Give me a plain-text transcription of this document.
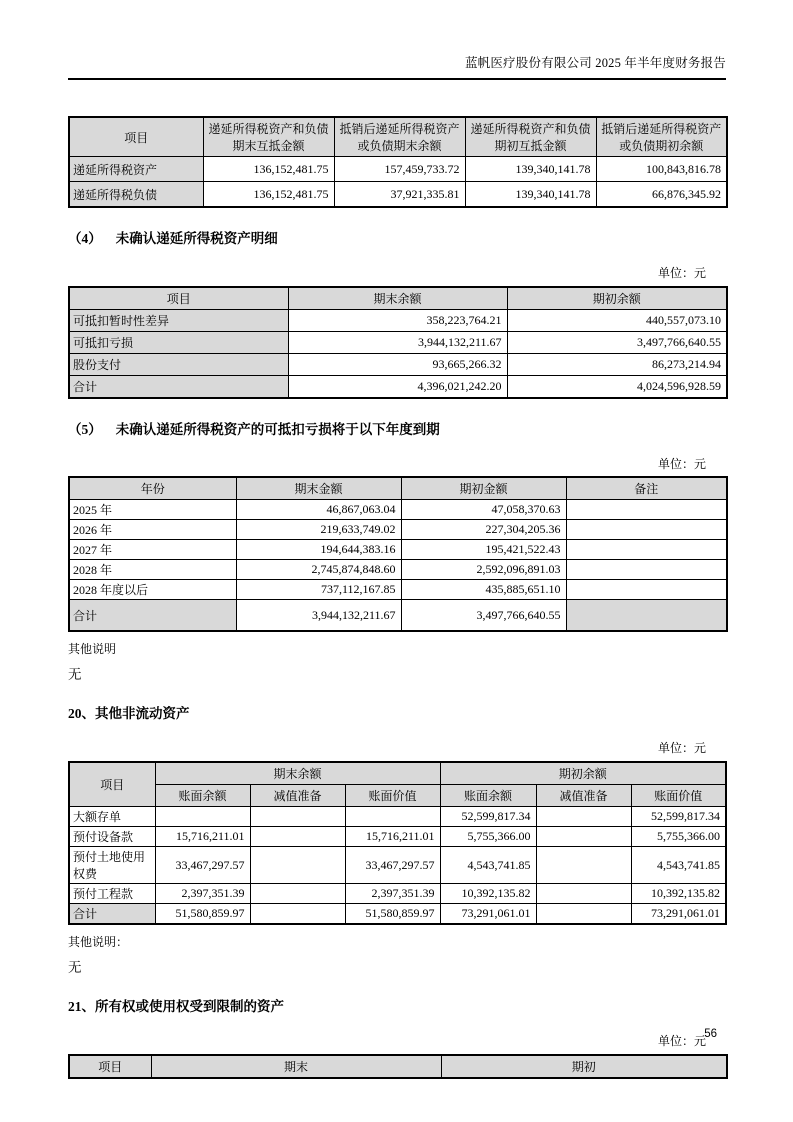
蓝帆医疗股份有限公司 2025 年半年度财务报告
项目	递延所得税资产和负债期末互抵金额	抵销后递延所得税资产或负债期末余额	递延所得税资产和负债期初互抵金额	抵销后递延所得税资产或负债期初余额
递延所得税资产	136,152,481.75	157,459,733.72	139,340,141.78	100,843,816.78
递延所得税负债	136,152,481.75	37,921,335.81	139,340,141.78	66,876,345.92
（4） 未确认递延所得税资产明细
单位：元
项目	期末余额	期初余额
可抵扣暂时性差异	358,223,764.21	440,557,073.10
可抵扣亏损	3,944,132,211.67	3,497,766,640.55
股份支付	93,665,266.32	86,273,214.94
合计	4,396,021,242.20	4,024,596,928.59
（5） 未确认递延所得税资产的可抵扣亏损将于以下年度到期
单位：元
年份	期末金额	期初金额	备注
2025 年	46,867,063.04	47,058,370.63	
2026 年	219,633,749.02	227,304,205.36	
2027 年	194,644,383.16	195,421,522.43	
2028 年	2,745,874,848.60	2,592,096,891.03	
2028 年度以后	737,112,167.85	435,885,651.10	
合计	3,944,132,211.67	3,497,766,640.55	
其他说明
无
20、其他非流动资产
单位：元
项目	期末余额			期初余额		
	账面余额	减值准备	账面价值	账面余额	减值准备	账面价值
大额存单				52,599,817.34		52,599,817.34
预付设备款	15,716,211.01		15,716,211.01	5,755,366.00		5,755,366.00
预付土地使用权费	33,467,297.57		33,467,297.57	4,543,741.85		4,543,741.85
预付工程款	2,397,351.39		2,397,351.39	10,392,135.82		10,392,135.82
合计	51,580,859.97		51,580,859.97	73,291,061.01		73,291,061.01
其他说明：
无
21、所有权或使用权受到限制的资产
单位：元
项目	期末	期初
56
